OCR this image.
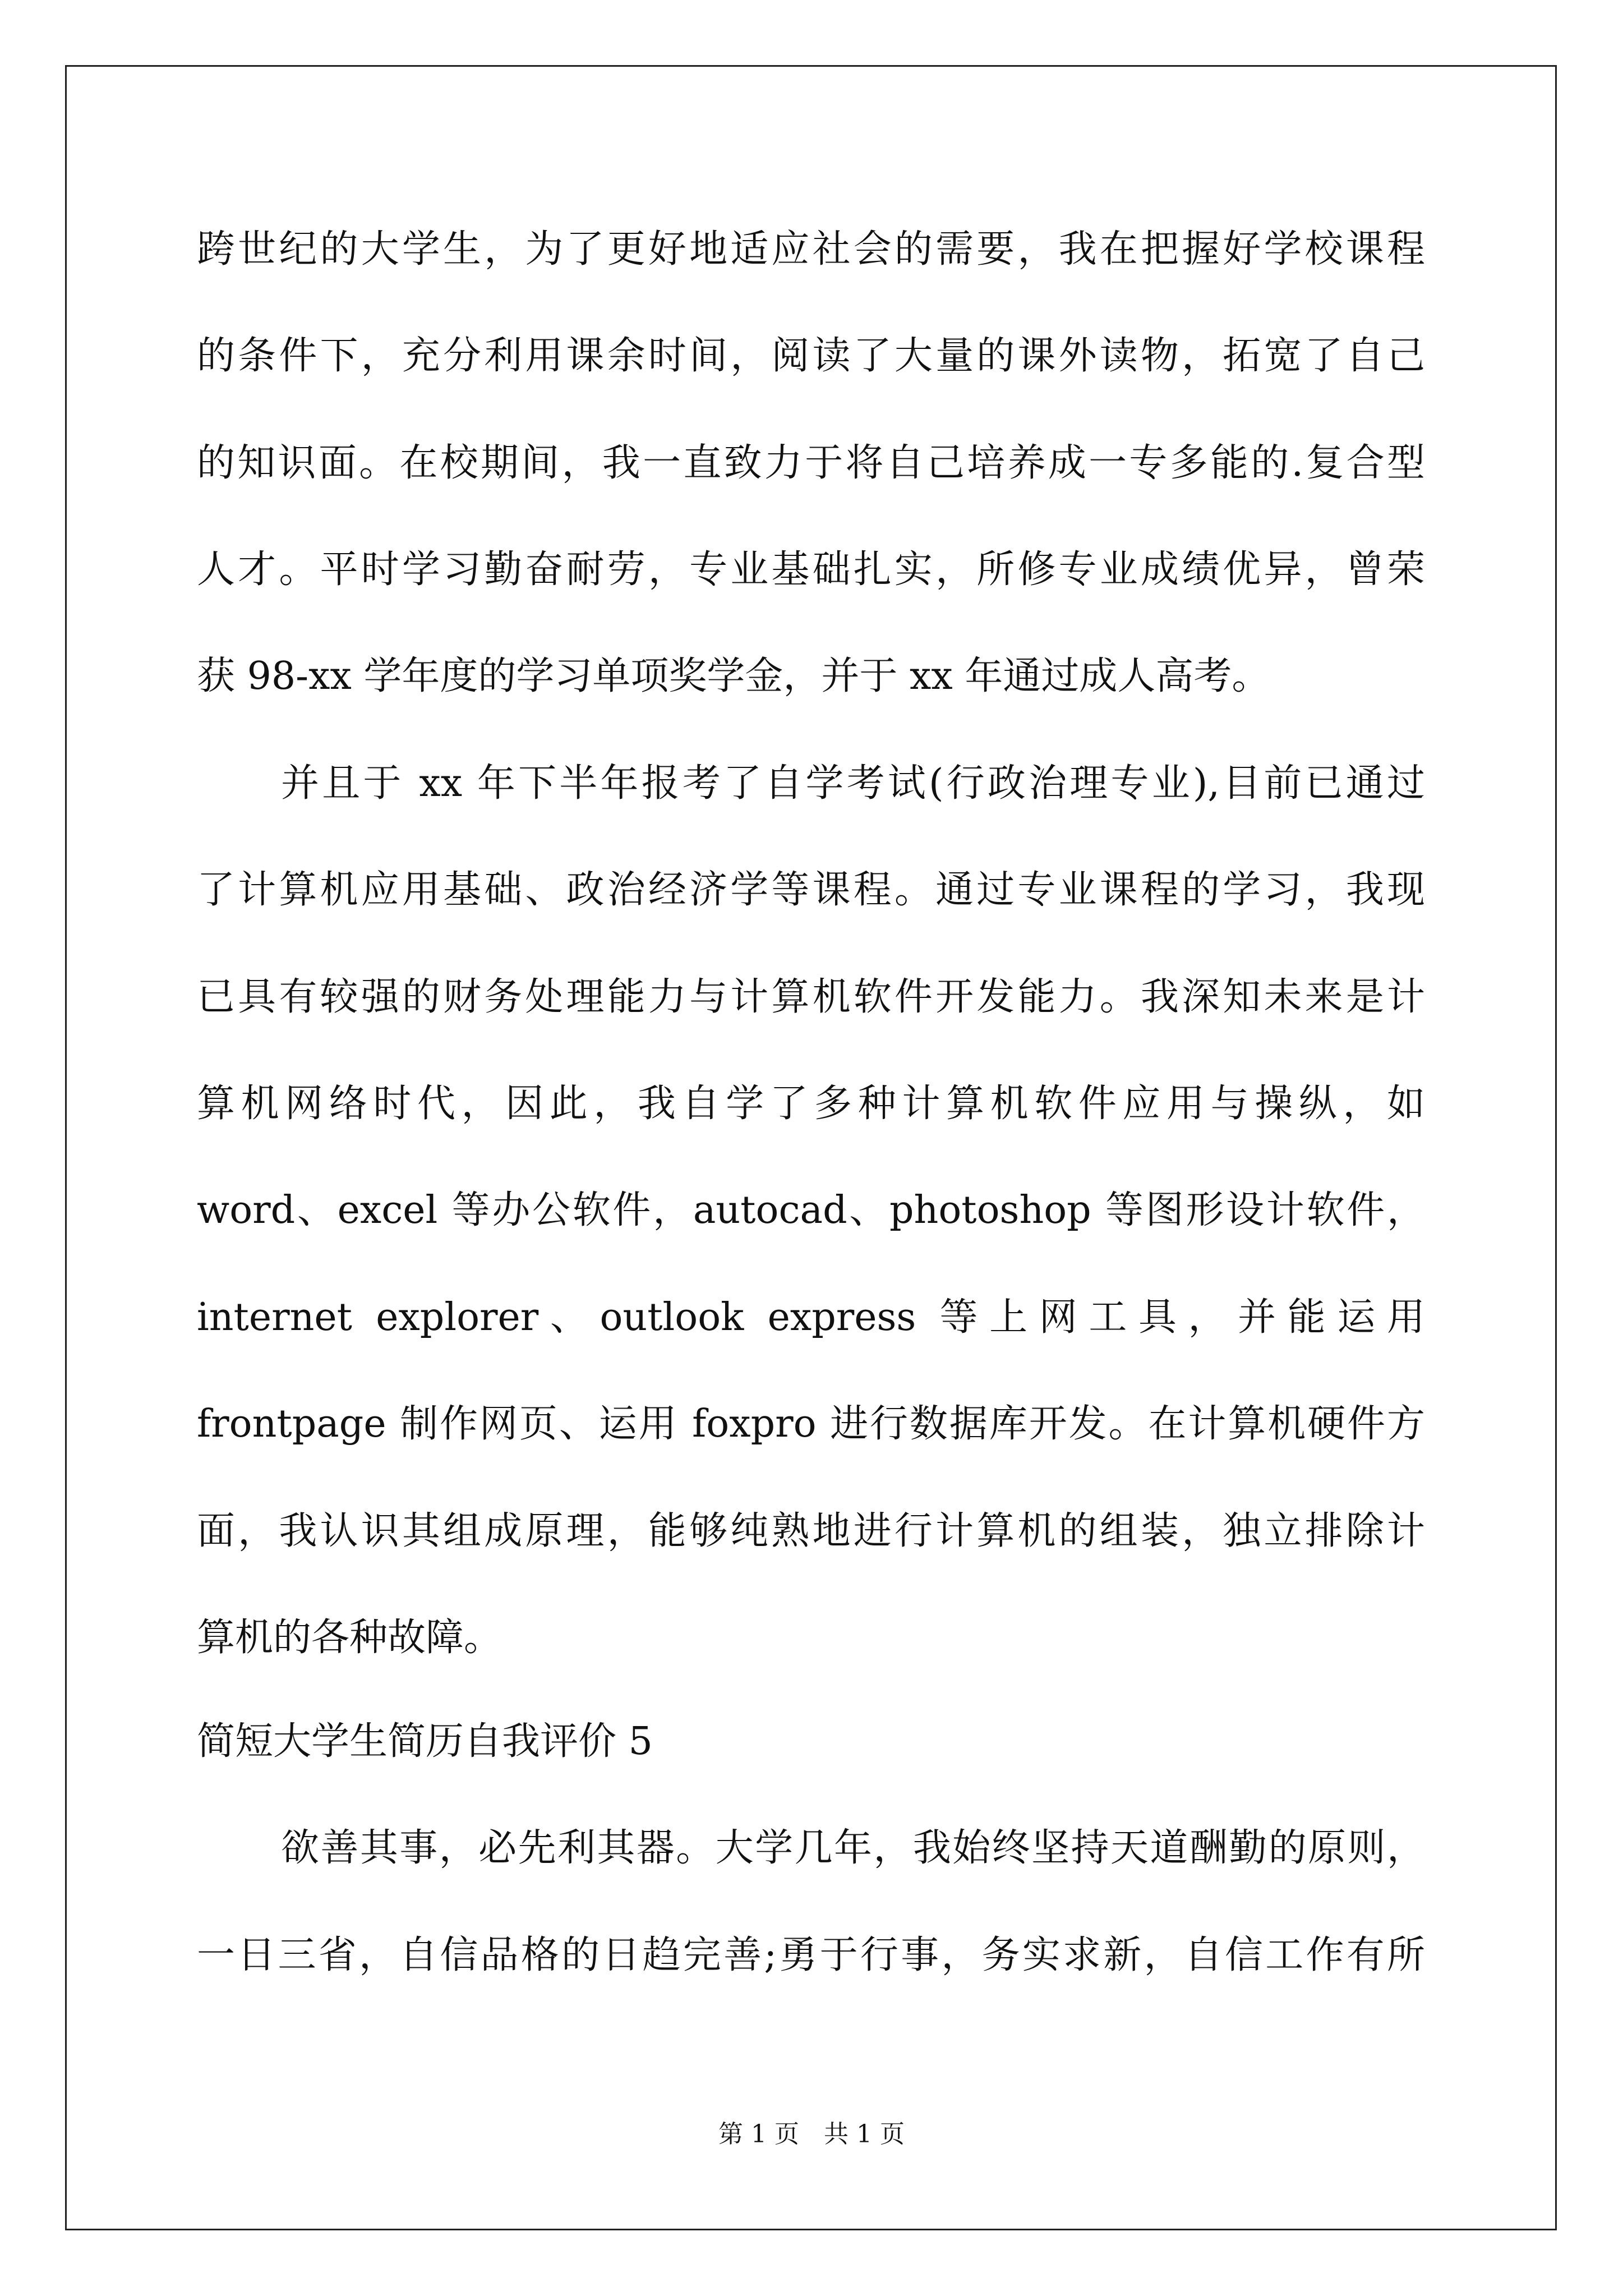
跨世纪的大学生，为了更好地适应社会的需要，我在把握好学校课程
的条件下，充分利用课余时间，阅读了大量的课外读物，拓宽了自己
的知识面。在校期间，我一直致力于将自己培养成一专多能的.复合型
人才。平时学习勤奋耐劳，专业基础扎实，所修专业成绩优异，曾荣
获 98-xx 学年度的学习单项奖学金，并于 xx 年通过成人高考。
并且于 xx 年下半年报考了自学考试(行政治理专业),目前已通过
了计算机应用基础、政治经济学等课程。通过专业课程的学习，我现
已具有较强的财务处理能力与计算机软件开发能力。我深知未来是计
算机网络时代，因此，我自学了多种计算机软件应用与操纵，如
word、excel 等办公软件，autocad、photoshop 等图形设计软件，
internet explorer、outlook express 等上网工具，并能运用
frontpage 制作网页、运用 foxpro 进行数据库开发。在计算机硬件方
面，我认识其组成原理，能够纯熟地进行计算机的组装，独立排除计
算机的各种故障。
简短大学生简历自我评价 5
欲善其事，必先利其器。大学几年，我始终坚持天道酬勤的原则，
一日三省，自信品格的日趋完善;勇于行事，务实求新，自信工作有所
第 1 页　共 1 页
